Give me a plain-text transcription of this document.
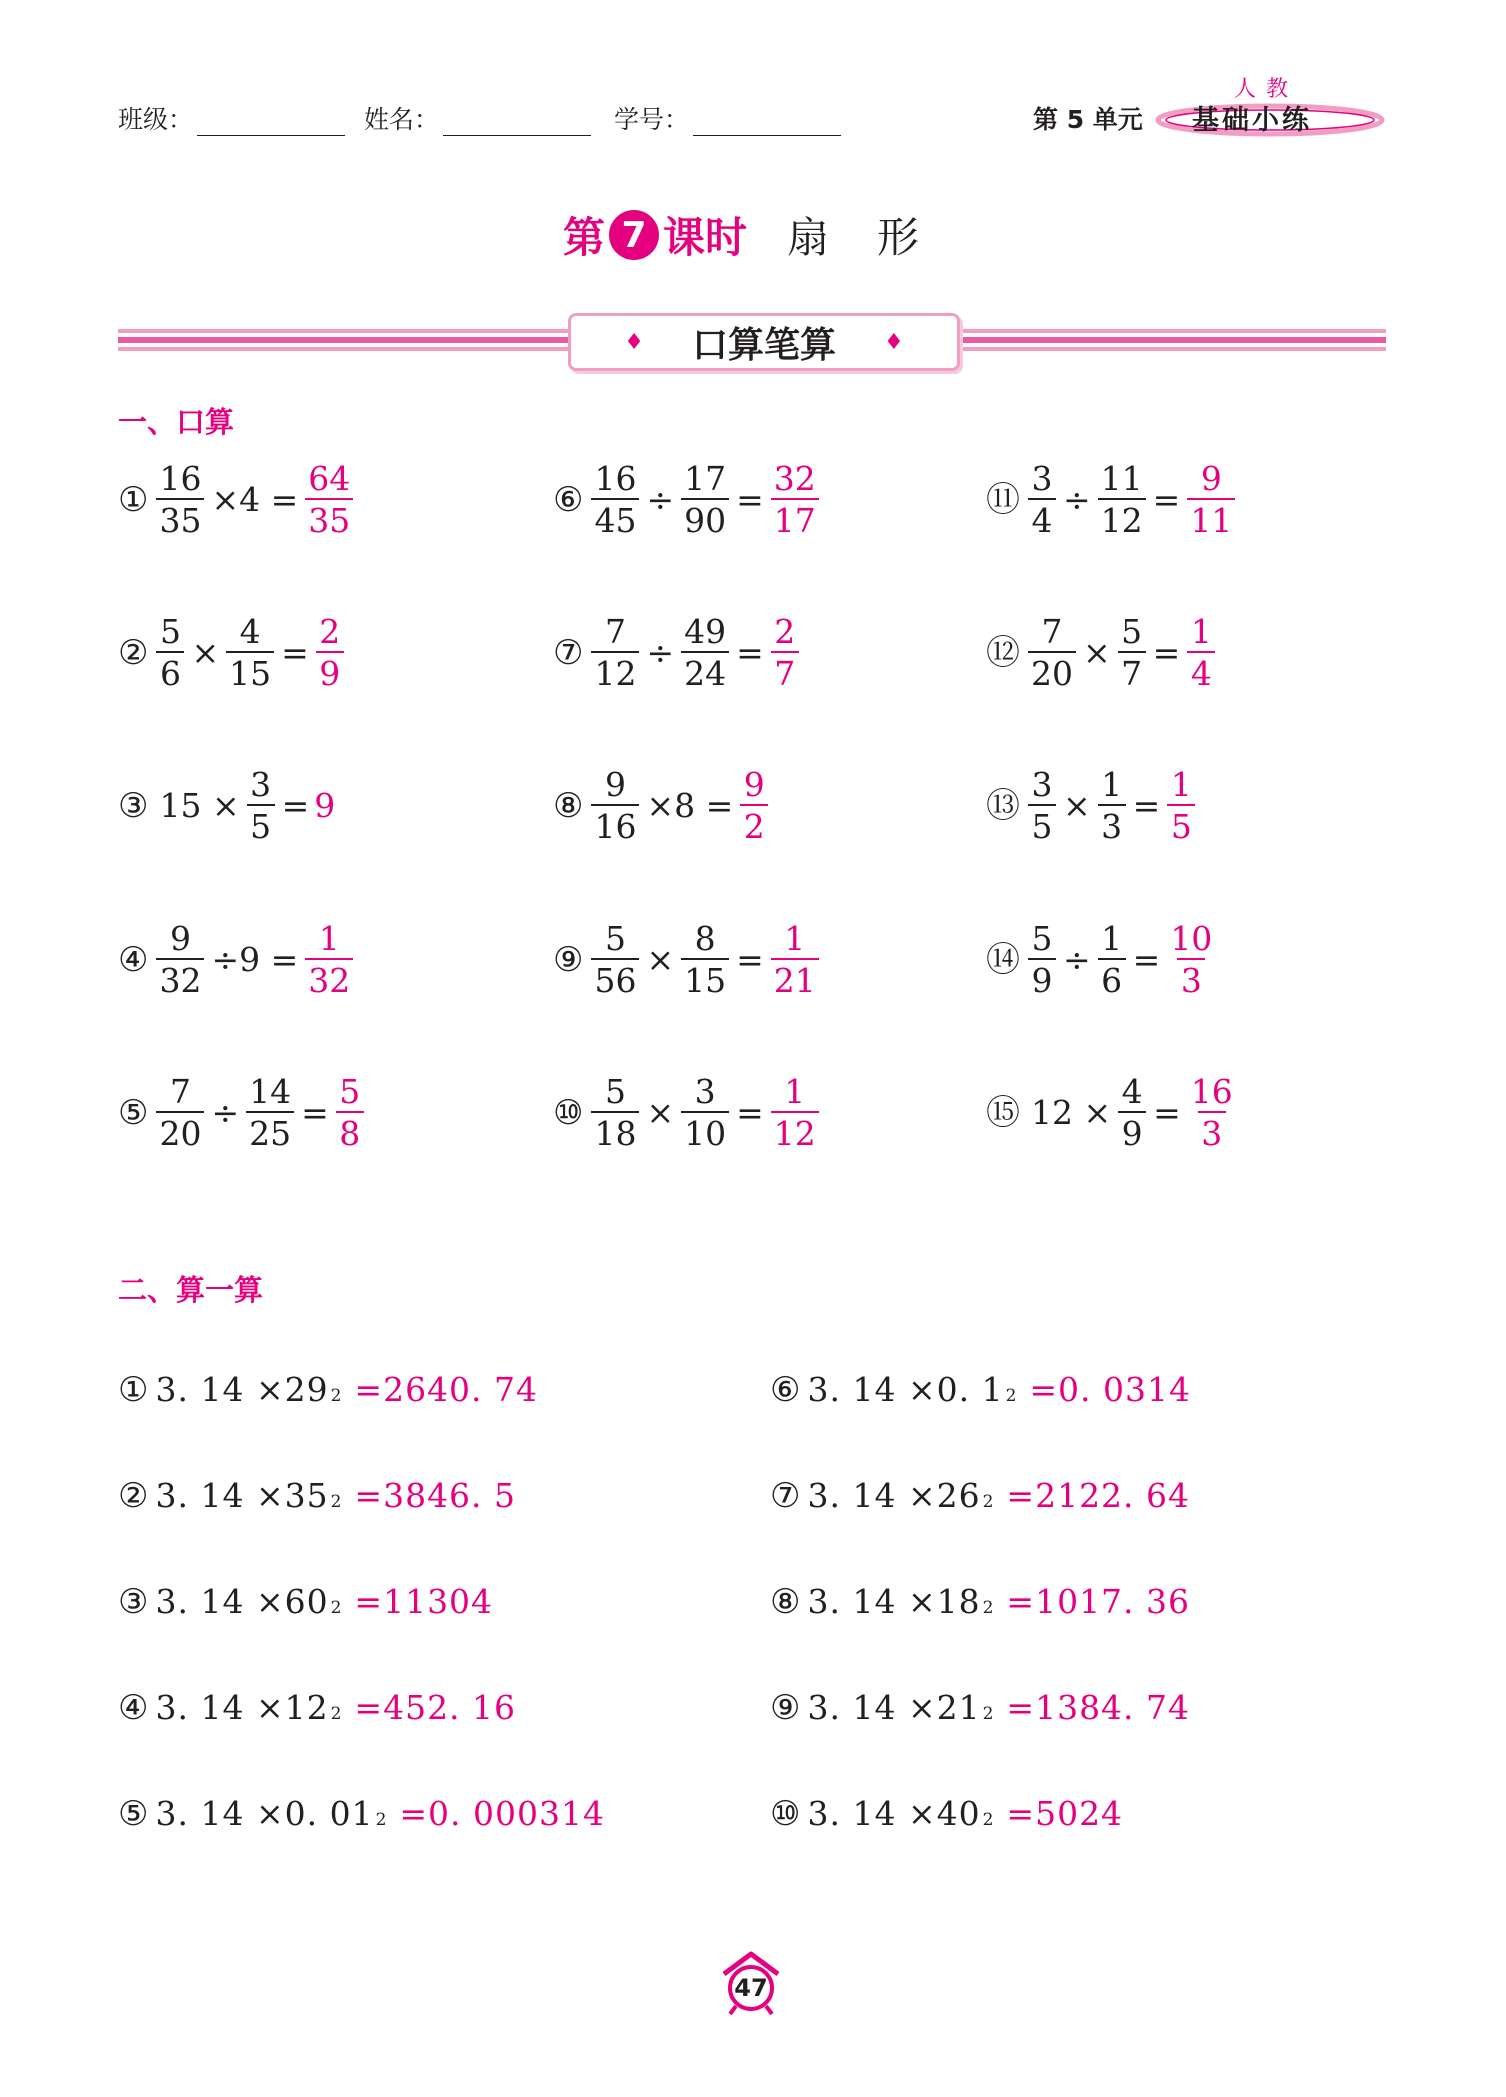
班级：	姓名：	学号：	第 5 单元
人教
基础小练
第 7 课时 扇形
♦ 口算笔算 ♦
一、口算
① $\frac{16}{35} \times 4 = \frac{64}{35}$
② $\frac{5}{6} \times \frac{4}{15} = \frac{2}{9}$
③ $15 \times \frac{3}{5} = 9$
④ $\frac{9}{32} \div 9 = \frac{1}{32}$
⑤ $\frac{7}{20} \div \frac{14}{25} = \frac{5}{8}$
⑥ $\frac{16}{45} \div \frac{17}{90} = \frac{32}{17}$
⑦ $\frac{7}{12} \div \frac{49}{24} = \frac{2}{7}$
⑧ $\frac{9}{16} \times 8 = \frac{9}{2}$
⑨ $\frac{5}{56} \times \frac{8}{15} = \frac{1}{21}$
⑩ $\frac{5}{18} \times \frac{3}{10} = \frac{1}{12}$
⑪ $\frac{3}{4} \div \frac{11}{12} = \frac{9}{11}$
⑫ $\frac{7}{20} \times \frac{5}{7} = \frac{1}{4}$
⑬ $\frac{3}{5} \times \frac{1}{3} = \frac{1}{5}$
⑭ $\frac{5}{9} \div \frac{1}{6} = \frac{10}{3}$
⑮ $12 \times \frac{4}{9} = \frac{16}{3}$
二、算一算
① 3. 14 ×29 2 =2640. 74
② 3. 14 ×35 2 =3846. 5
③ 3. 14 ×60 2 =11304
④ 3. 14 ×12 2 =452. 16
⑤ 3. 14 ×0. 01 2 =0. 000314
⑥ 3. 14 ×0. 1 2 =0. 0314
⑦ 3. 14 ×26 2 =2122. 64
⑧ 3. 14 ×18 2 =1017. 36
⑨ 3. 14 ×21 2 =1384. 74
⑩ 3. 14 ×40 2 =5024
47
